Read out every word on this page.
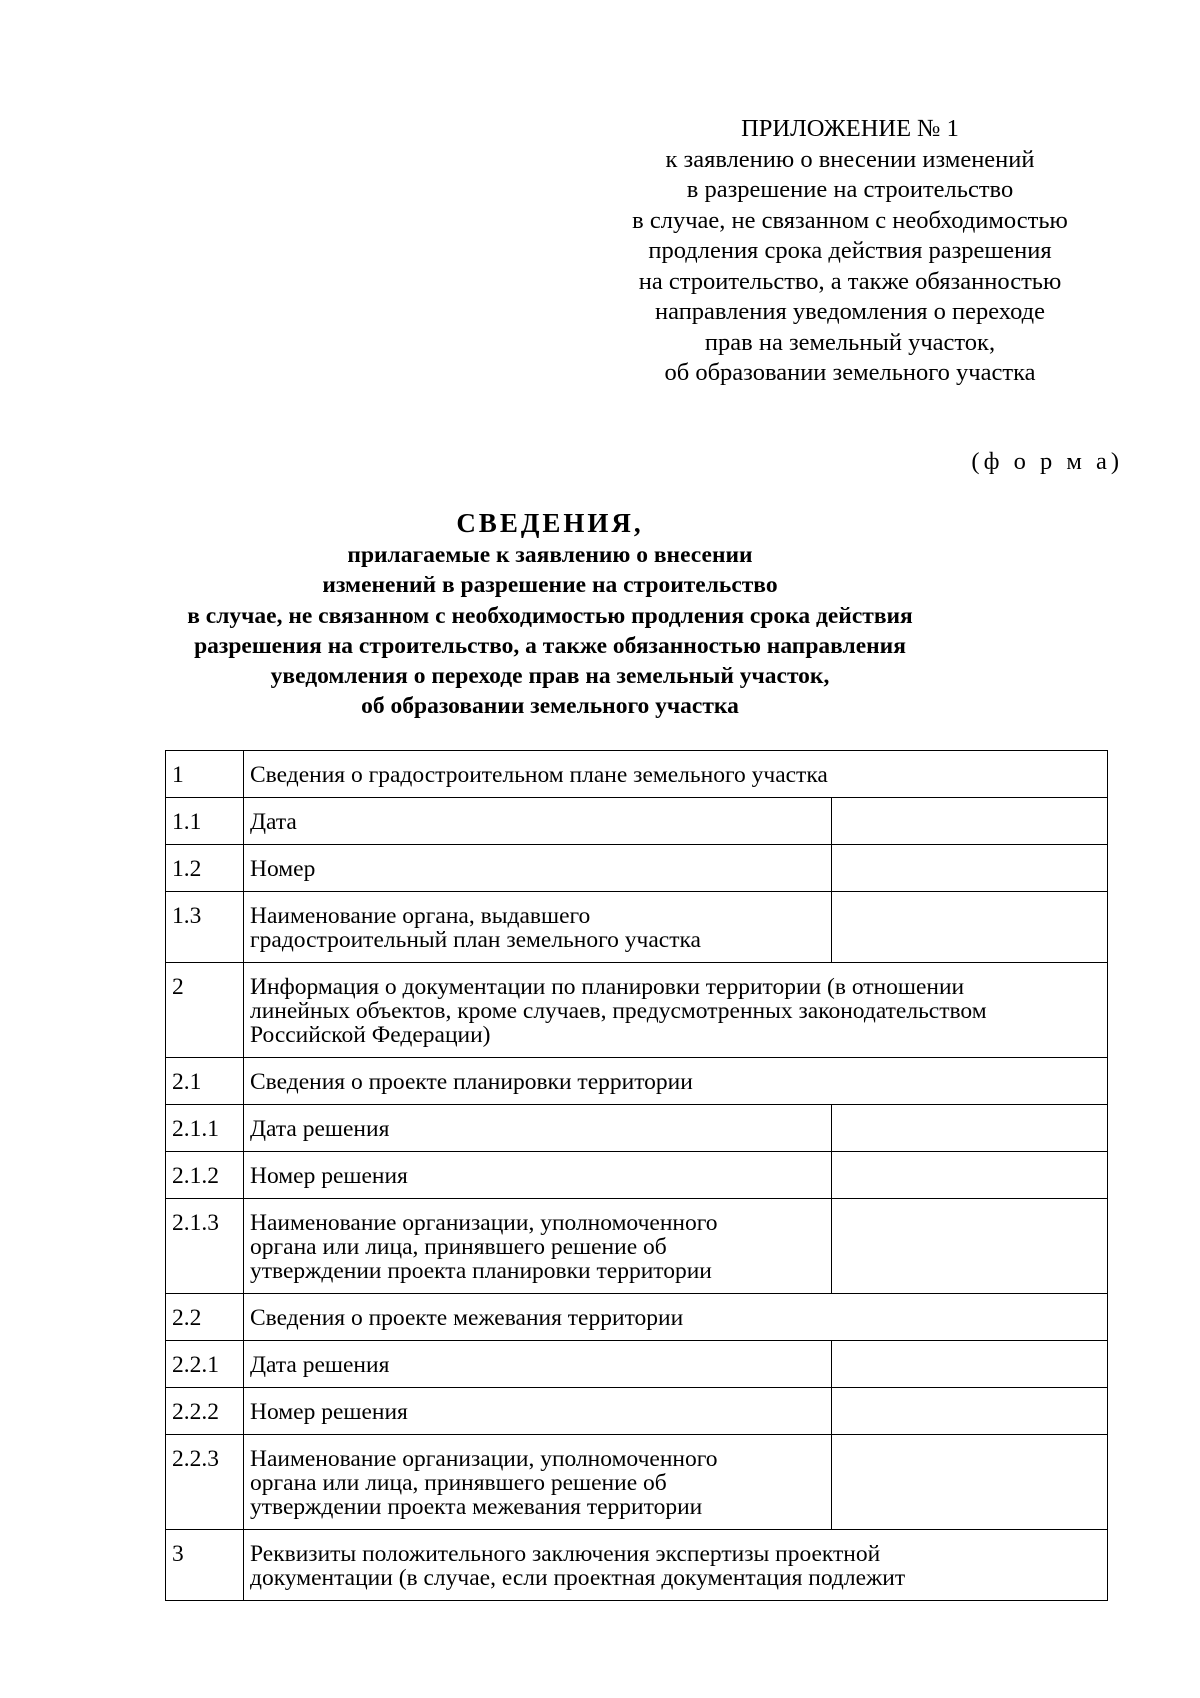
ПРИЛОЖЕНИЕ № 1
к заявлению о внесении изменений
в разрешение на строительство
в случае, не связанном с необходимостью
продления срока действия разрешения
на строительство, а также обязанностью
направления уведомления о переходе
прав на земельный участок,
об образовании земельного участка
(ф о р м а)
СВЕДЕНИЯ,
прилагаемые к заявлению о внесении
изменений в разрешение на строительство
в случае, не связанном с необходимостью продления срока действия
разрешения на строительство, а также обязанностью направления
уведомления о переходе прав на земельный участок,
об образовании земельного участка
1	Сведения о градостроительном плане земельного участка	

1.1	Дата	

1.2	Номер	

1.3	Наименование органа, выдавшего
градостроительный план земельного участка	

2	Информация о документации по планировки территории (в отношении
линейных объектов, кроме случаев, предусмотренных законодательством
Российской Федерации)	

2.1	Сведения о проекте планировки территории	

2.1.1	Дата решения	

2.1.2	Номер решения	

2.1.3	Наименование организации, уполномоченного
органа или лица, принявшего решение об
утверждении проекта планировки территории	

2.2	Сведения о проекте межевания территории	

2.2.1	Дата решения	

2.2.2	Номер решения	

2.2.3	Наименование организации, уполномоченного
органа или лица, принявшего решение об
утверждении проекта межевания территории	

3	Реквизиты положительного заключения экспертизы проектной
документации (в случае, если проектная документация подлежит	
